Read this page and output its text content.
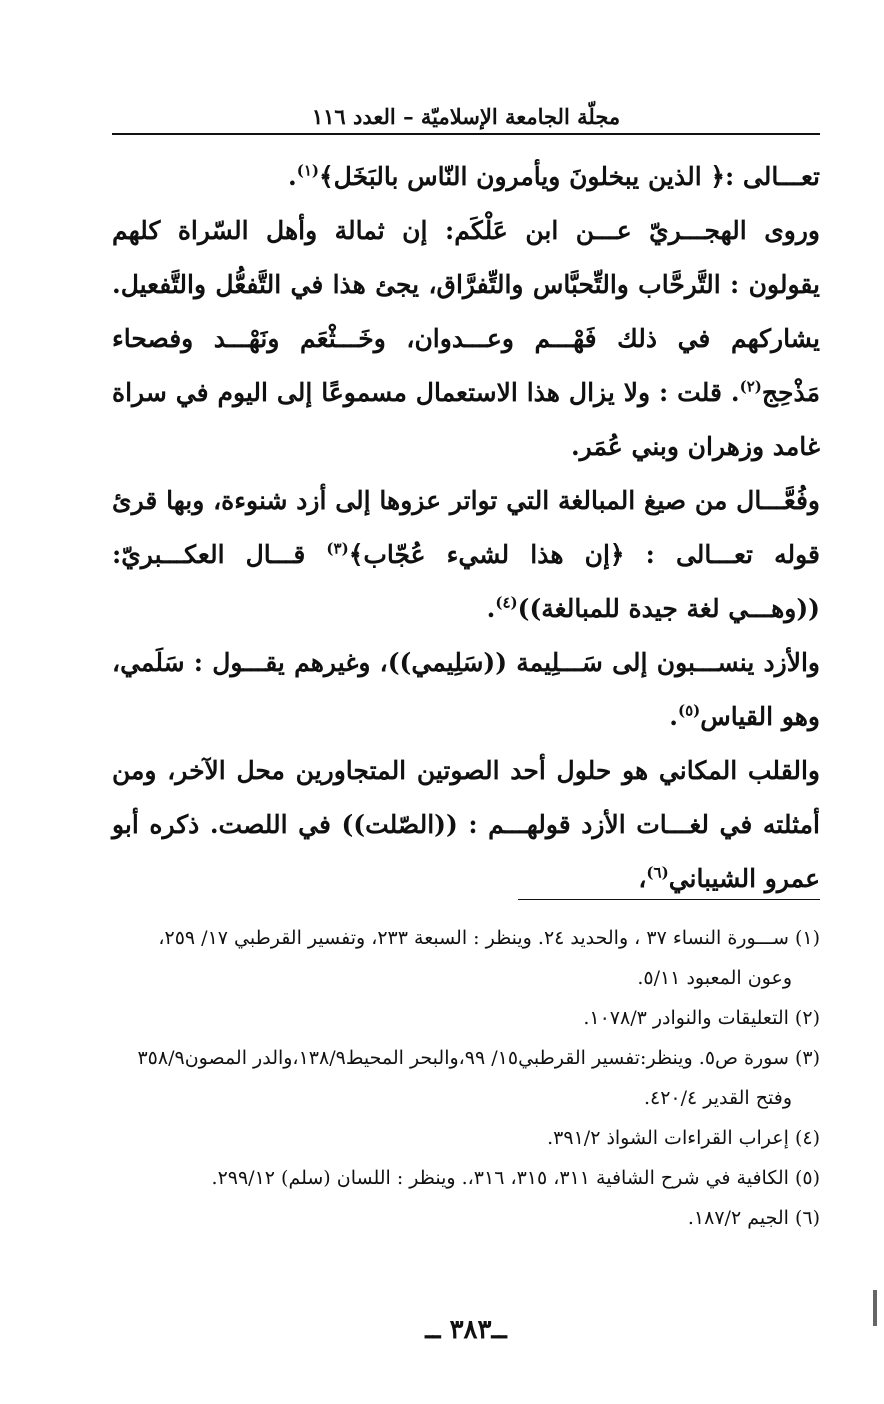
مجلّة الجامعة الإسلاميّة – العدد ١١٦

تعـــالى :﴿ الذين يبخلونَ ويأمرون النّاس بالبَخَل﴾$^{(١)}$.

وروى الهجـــريّ عـــن ابن عَلْكَم: إن ثمالة وأهل السّراة كلهم يقولون : التَّرحَّاب والتِّحبَّاس والتِّفرَّاق، يجئ هذا في التَّفعُّل والتَّفعيل. يشاركهم في ذلك فَهْـــم وعـــدوان، وخَـــثْعَم ونَهْـــد وفصحاء مَذْحِج$^{(٢)}$. قلت : ولا يزال هذا الاستعمال مسموعًا إلى اليوم في سراة غامد وزهران وبني عُمَر.

وفُعَّـــال من صيغ المبالغة التي تواتر عزوها إلى أزد شنوءة، وبها قرئ قوله تعـــالى : ﴿إن هذا لشيء عُجّاب﴾$^{(٣)}$ قـــال العكـــبريّ: ((وهـــي لغة جيدة للمبالغة))$^{(٤)}$.

والأزد ينســـبون إلى سَـــلِيمة ((سَلِيمي))، وغيرهم يقـــول : سَلَمي، وهو القياس$^{(٥)}$.

والقلب المكاني هو حلول أحد الصوتين المتجاورين محل الآخر، ومن أمثلته في لغـــات الأزد قولهـــم : ((الصّلت)) في اللصت. ذكره أبو عمرو الشيباني$^{(٦)}$،

(١) ســـورة النساء ٣٧ ، والحديد ٢٤. وينظر : السبعة ٢٣٣، وتفسير القرطبي ١٧/ ٢٥٩،

وعون المعبود ٥/١١.

(٢) التعليقات والنوادر ١٠٧٨/٣.

(٣) سورة ص٥. وينظر:تفسير القرطبي١٥/ ٩٩،والبحر المحيط١٣٨/٩،والدر المصون٣٥٨/٩

وفتح القدير ٤٢٠/٤.

(٤) إعراب القراءات الشواذ ٣٩١/٢.

(٥) الكافية في شرح الشافية ٣١١، ٣١٥، ٣١٦،. وينظر : اللسان (سلم) ٢٩٩/١٢.

(٦) الجيم ١٨٧/٢.

ــ٣٨٣ ــ
